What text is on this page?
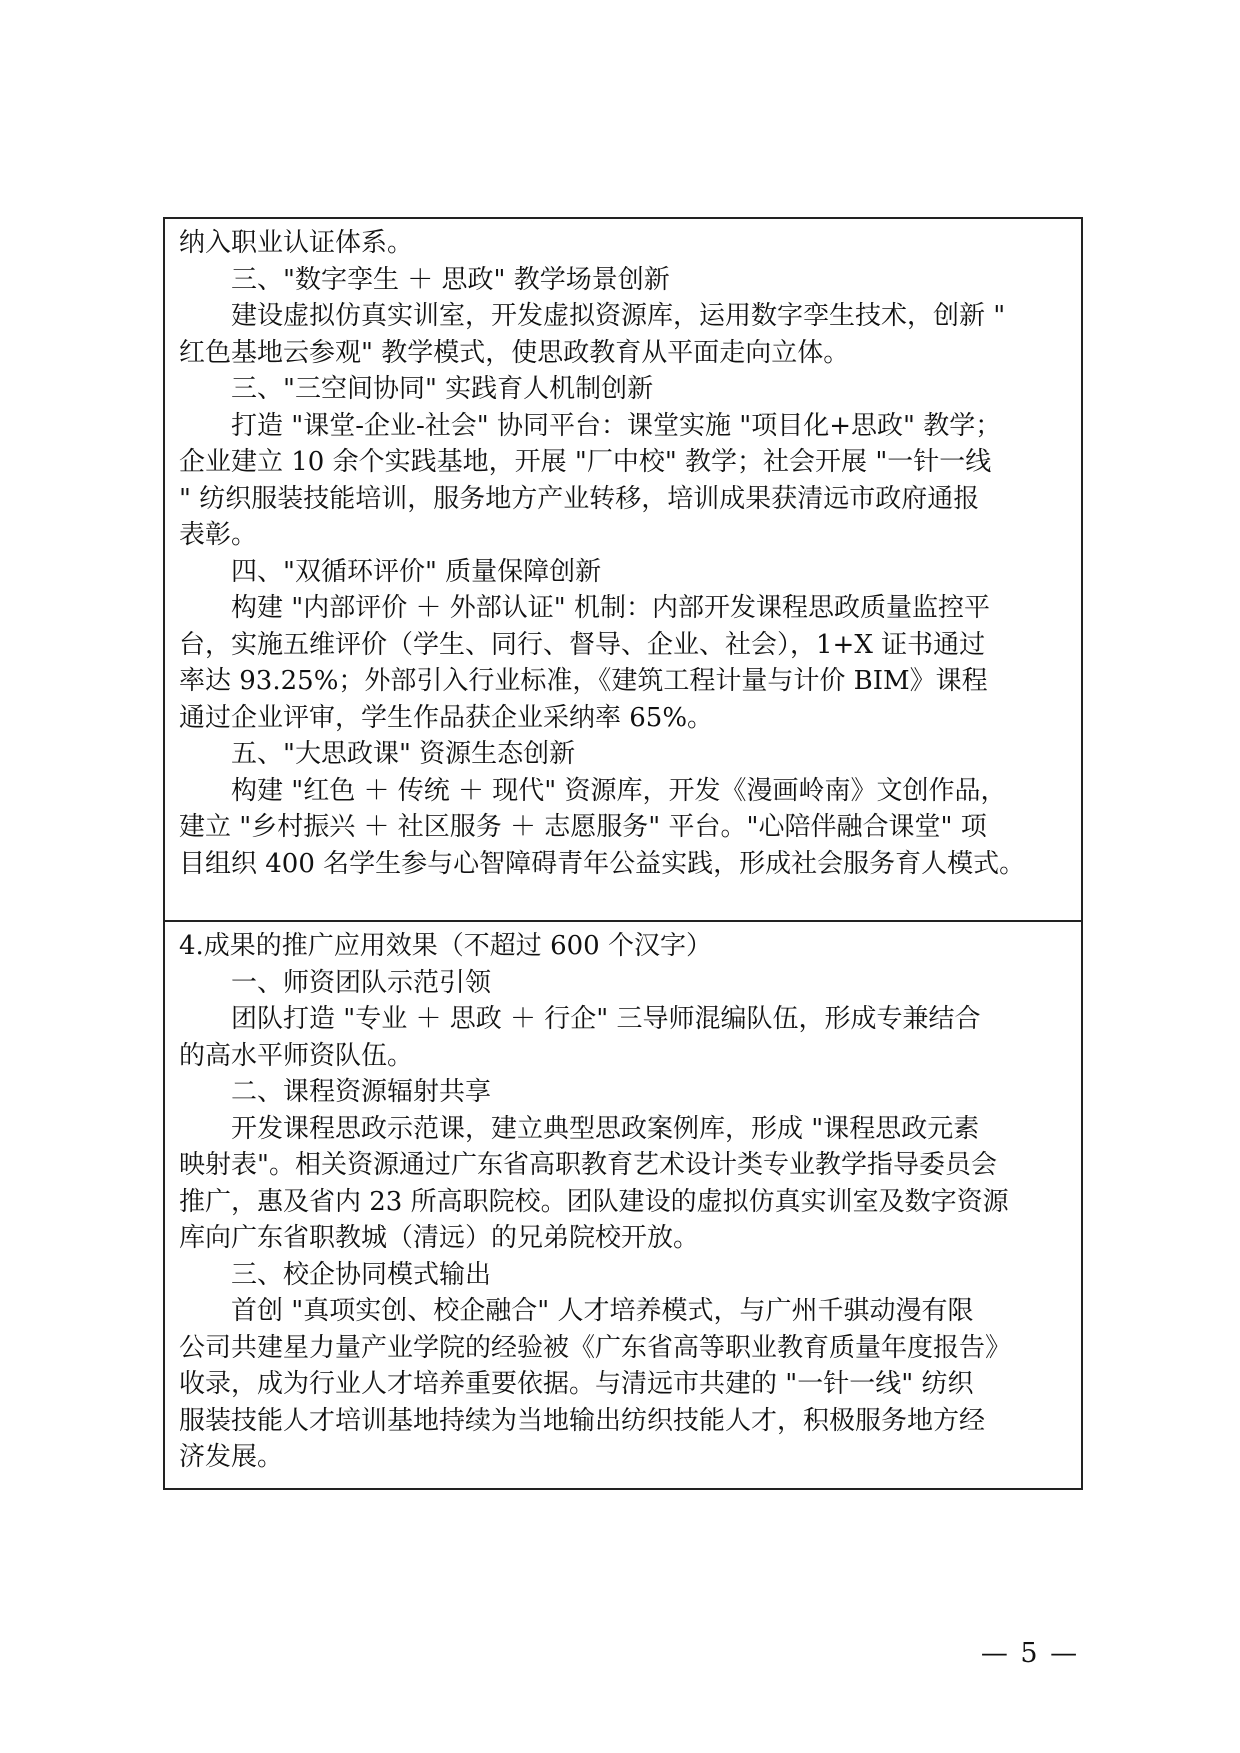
纳入职业认证体系。

　　三、"数字孪生 ＋ 思政" 教学场景创新

　　建设虚拟仿真实训室，开发虚拟资源库，运用数字孪生技术，创新 "

红色基地云参观" 教学模式，使思政教育从平面走向立体。

　　三、"三空间协同" 实践育人机制创新

　　打造 "课堂-企业-社会" 协同平台：课堂实施 "项目化+思政" 教学；

企业建立 10 余个实践基地，开展 "厂中校" 教学；社会开展 "一针一线

" 纺织服装技能培训，服务地方产业转移，培训成果获清远市政府通报

表彰。

　　四、"双循环评价" 质量保障创新

　　构建 "内部评价 ＋ 外部认证" 机制：内部开发课程思政质量监控平

台，实施五维评价（学生、同行、督导、企业、社会），1+X 证书通过

率达 93.25%；外部引入行业标准，《建筑工程计量与计价 BIM》课程

通过企业评审，学生作品获企业采纳率 65%。

　　五、"大思政课" 资源生态创新

　　构建 "红色 ＋ 传统 ＋ 现代" 资源库，开发《漫画岭南》文创作品，

建立 "乡村振兴 ＋ 社区服务 ＋ 志愿服务" 平台。"心陪伴融合课堂" 项

目组织 400 名学生参与心智障碍青年公益实践，形成社会服务育人模式。

4.成果的推广应用效果（不超过 600 个汉字）

　　一、师资团队示范引领

　　团队打造 "专业 ＋ 思政 ＋ 行企" 三导师混编队伍，形成专兼结合

的高水平师资队伍。

　　二、课程资源辐射共享

　　开发课程思政示范课，建立典型思政案例库，形成 "课程思政元素

映射表"。相关资源通过广东省高职教育艺术设计类专业教学指导委员会

推广，惠及省内 23 所高职院校。团队建设的虚拟仿真实训室及数字资源

库向广东省职教城（清远）的兄弟院校开放。

　　三、校企协同模式输出

　　首创 "真项实创、校企融合" 人才培养模式，与广州千骐动漫有限

公司共建星力量产业学院的经验被《广东省高等职业教育质量年度报告》

收录，成为行业人才培养重要依据。与清远市共建的 "一针一线" 纺织

服装技能人才培训基地持续为当地输出纺织技能人才，积极服务地方经

济发展。

— 5 —
